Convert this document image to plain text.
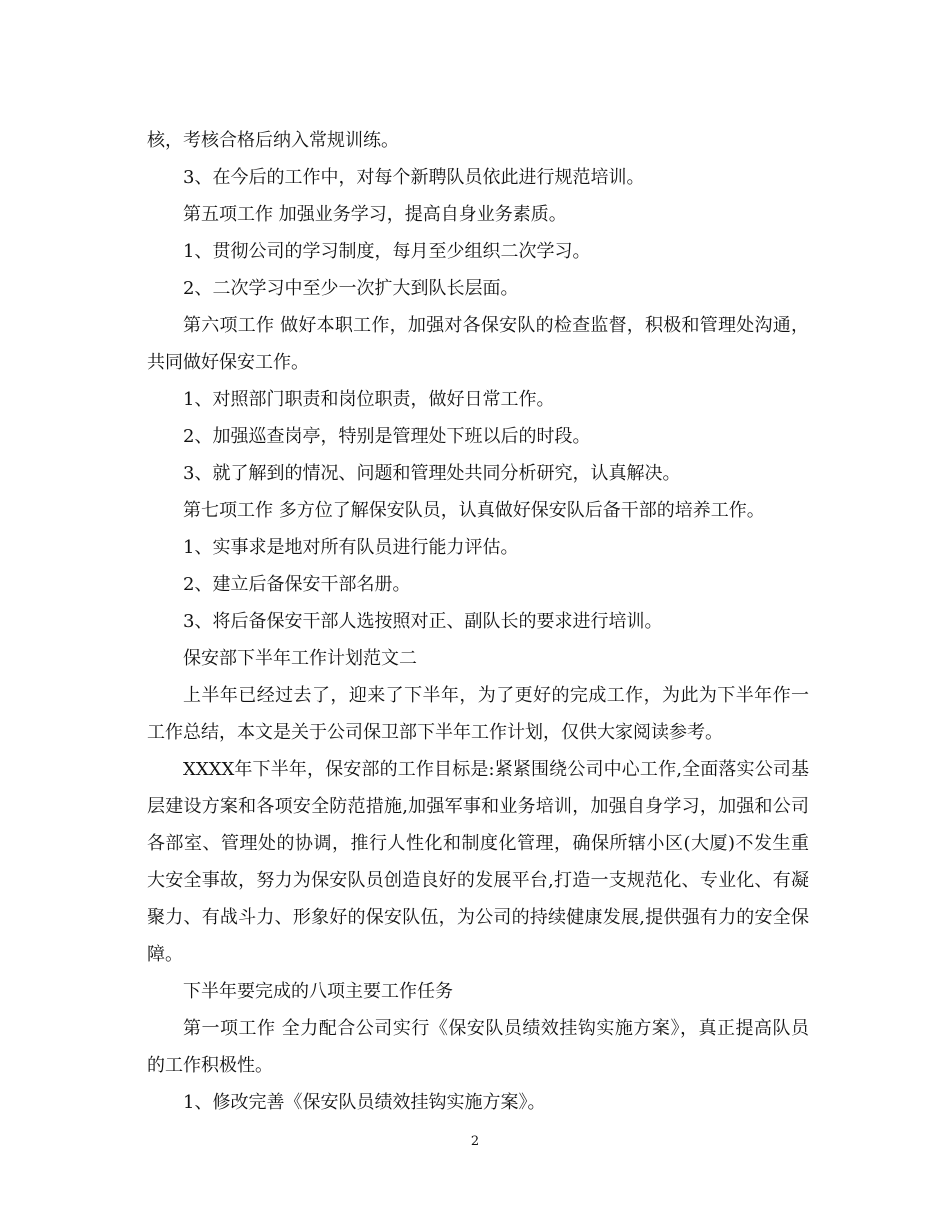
核，考核合格后纳入常规训练。

3、在今后的工作中，对每个新聘队员依此进行规范培训。

第五项工作 加强业务学习，提高自身业务素质。

1、贯彻公司的学习制度，每月至少组织二次学习。

2、二次学习中至少一次扩大到队长层面。

第六项工作 做好本职工作，加强对各保安队的检查监督，积极和管理处沟通，共同做好保安工作。

1、对照部门职责和岗位职责，做好日常工作。

2、加强巡查岗亭，特别是管理处下班以后的时段。

3、就了解到的情况、问题和管理处共同分析研究，认真解决。

第七项工作 多方位了解保安队员，认真做好保安队后备干部的培养工作。

1、实事求是地对所有队员进行能力评估。

2、建立后备保安干部名册。

3、将后备保安干部人选按照对正、副队长的要求进行培训。

保安部下半年工作计划范文二

上半年已经过去了，迎来了下半年，为了更好的完成工作，为此为下半年作一工作总结，本文是关于公司保卫部下半年工作计划，仅供大家阅读参考。

XXXX年下半年，保安部的工作目标是:紧紧围绕公司中心工作,全面落实公司基层建设方案和各项安全防范措施,加强军事和业务培训，加强自身学习，加强和公司各部室、管理处的协调，推行人性化和制度化管理，确保所辖小区(大厦)不发生重大安全事故，努力为保安队员创造良好的发展平台,打造一支规范化、专业化、有凝聚力、有战斗力、形象好的保安队伍，为公司的持续健康发展,提供强有力的安全保障。

下半年要完成的八项主要工作任务

第一项工作 全力配合公司实行《保安队员绩效挂钩实施方案》，真正提高队员的工作积极性。

1、修改完善《保安队员绩效挂钩实施方案》。

2
